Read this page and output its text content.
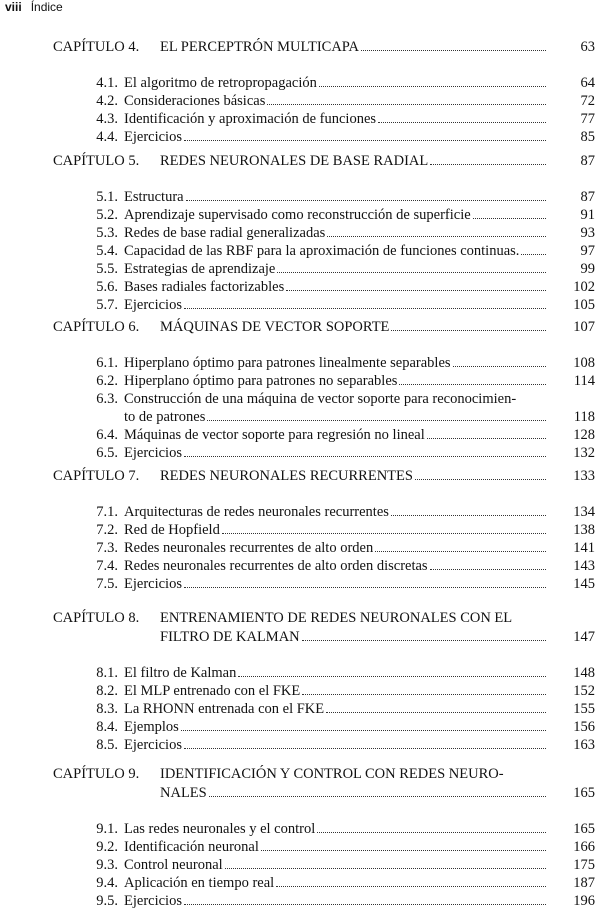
viii Índice
CAPÍTULO 4. EL PERCEPTRÓN MULTICAPA	63
4.1. El algoritmo de retropropagación	64
4.2. Consideraciones básicas	72
4.3. Identificación y aproximación de funciones	77
4.4. Ejercicios	85
CAPÍTULO 5. REDES NEURONALES DE BASE RADIAL	87
5.1. Estructura	87
5.2. Aprendizaje supervisado como reconstrucción de superficie	91
5.3. Redes de base radial generalizadas	93
5.4. Capacidad de las RBF para la aproximación de funciones continuas.	97
5.5. Estrategias de aprendizaje	99
5.6. Bases radiales factorizables	102
5.7. Ejercicios	105
CAPÍTULO 6. MÁQUINAS DE VECTOR SOPORTE	107
6.1. Hiperplano óptimo para patrones linealmente separables	108
6.2. Hiperplano óptimo para patrones no separables	114
6.3. Construcción de una máquina de vector soporte para reconocimien-
to de patrones	118
6.4. Máquinas de vector soporte para regresión no lineal	128
6.5. Ejercicios	132
CAPÍTULO 7. REDES NEURONALES RECURRENTES	133
7.1. Arquitecturas de redes neuronales recurrentes	134
7.2. Red de Hopfield	138
7.3. Redes neuronales recurrentes de alto orden	141
7.4. Redes neuronales recurrentes de alto orden discretas	143
7.5. Ejercicios	145
CAPÍTULO 8. ENTRENAMIENTO DE REDES NEURONALES CON EL
FILTRO DE KALMAN	147
8.1. El filtro de Kalman	148
8.2. El MLP entrenado con el FKE	152
8.3. La RHONN entrenada con el FKE	155
8.4. Ejemplos	156
8.5. Ejercicios	163
CAPÍTULO 9. IDENTIFICACIÓN Y CONTROL CON REDES NEURO-
NALES	165
9.1. Las redes neuronales y el control	165
9.2. Identificación neuronal	166
9.3. Control neuronal	175
9.4. Aplicación en tiempo real	187
9.5. Ejercicios	196
